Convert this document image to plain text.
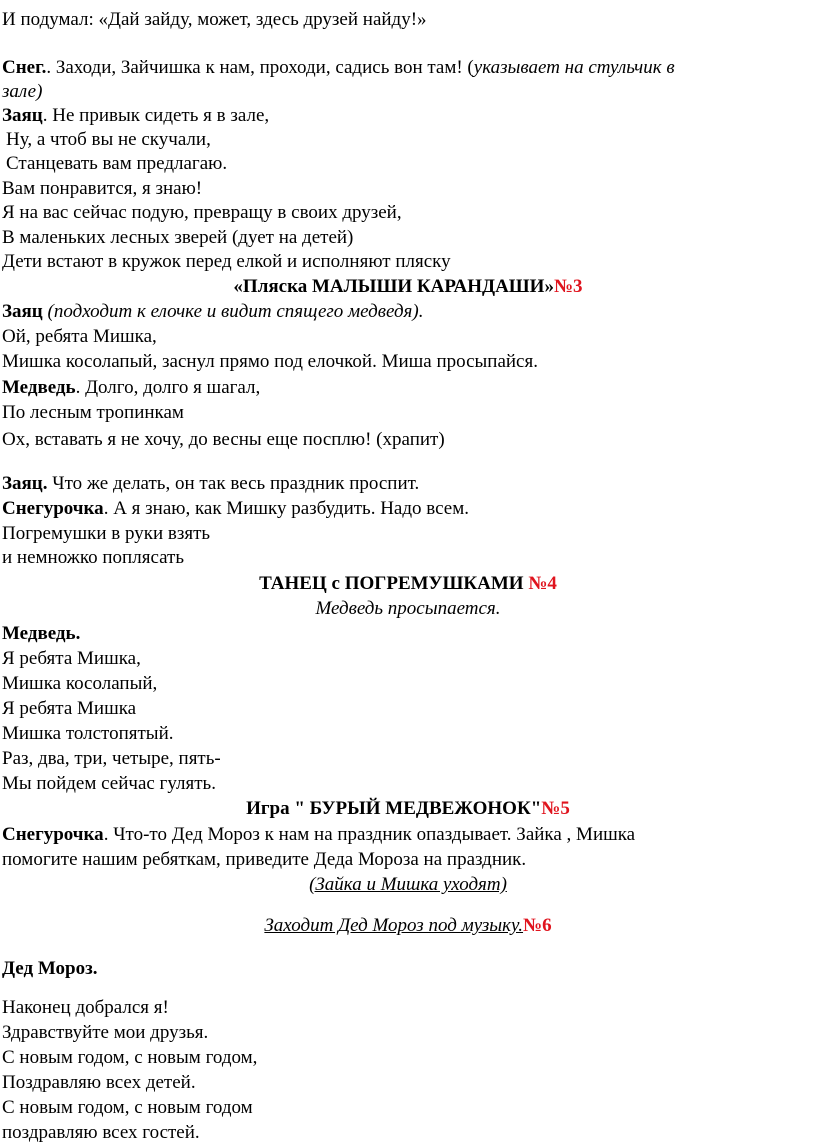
И подумал: «Дай зайду, может, здесь друзей найду!»
Снег.. Заходи, Зайчишка к нам, проходи, садись вон там! (указывает на стульчик в
зале)
Заяц. Не привык сидеть я в зале,
Ну, а чтоб вы не скучали,
Станцевать вам предлагаю.
Вам понравится, я знаю!
Я на вас сейчас подую, превращу в своих друзей,
В маленьких лесных зверей (дует на детей)
Дети встают в кружок перед елкой и исполняют пляску
«Пляска МАЛЫШИ КАРАНДАШИ»№3
Заяц (подходит к елочке и видит спящего медведя).
Ой, ребята Мишка,
Мишка косолапый, заснул прямо под елочкой. Миша просыпайся.
Медведь. Долго, долго я шагал,
По лесным тропинкам
Ох, вставать я не хочу, до весны еще посплю! (храпит)
Заяц. Что же делать, он так весь праздник проспит.
Снегурочка. А я знаю, как Мишку разбудить. Надо всем.
Погремушки в руки взять
и немножко поплясать
ТАНЕЦ с ПОГРЕМУШКАМИ №4
Медведь просыпается.
Медведь.
Я ребята Мишка,
Мишка косолапый,
Я ребята Мишка
Мишка толстопятый.
Раз, два, три, четыре, пять-
Мы пойдем сейчас гулять.
Игра " БУРЫЙ МЕДВЕЖОНОК"№5
Снегурочка. Что-то Дед Мороз к нам на праздник опаздывает. Зайка , Мишка
помогите нашим ребяткам, приведите Деда Мороза на праздник.
(Зайка и Мишка уходят)
Заходит Дед Мороз под музыку.№6
Дед Мороз.
Наконец добрался я!
Здравствуйте мои друзья.
С новым годом, с новым годом,
Поздравляю всех детей.
С новым годом, с новым годом
поздравляю всех гостей.
